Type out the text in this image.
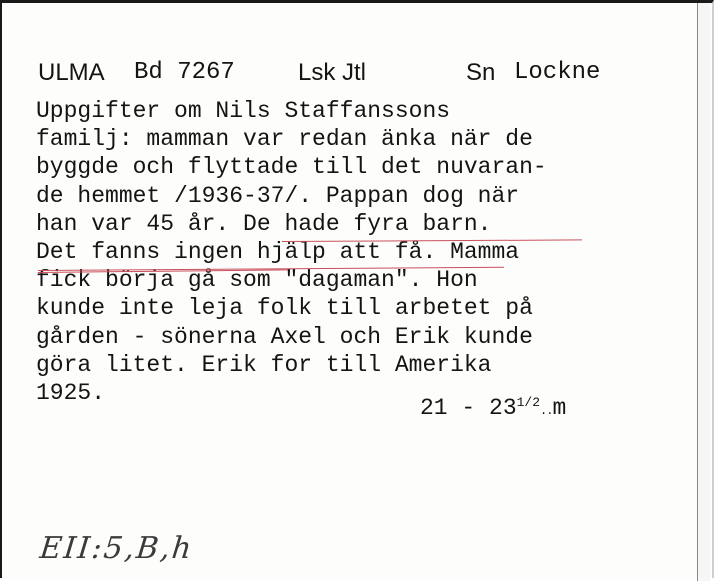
ULMA Bd 7267	Lsk Jtl	Sn Lockne
Uppgifter om Nils Staffanssons
familj: mamman var redan änka när de
byggde och flyttade till det nuvaran-
de hemmet /1936-37/. Pappan dog när
han var 45 år. De hade fyra barn.
Det fanns ingen hjälp att få. Mamma
fick börja gå som "dagaman". Hon
kunde inte leja folk till arbetet på
gården - sönerna Axel och Erik kunde
göra litet. Erik for till Amerika
1925.
$21 - 23^{1/2}..m$
EII:5,B,h
